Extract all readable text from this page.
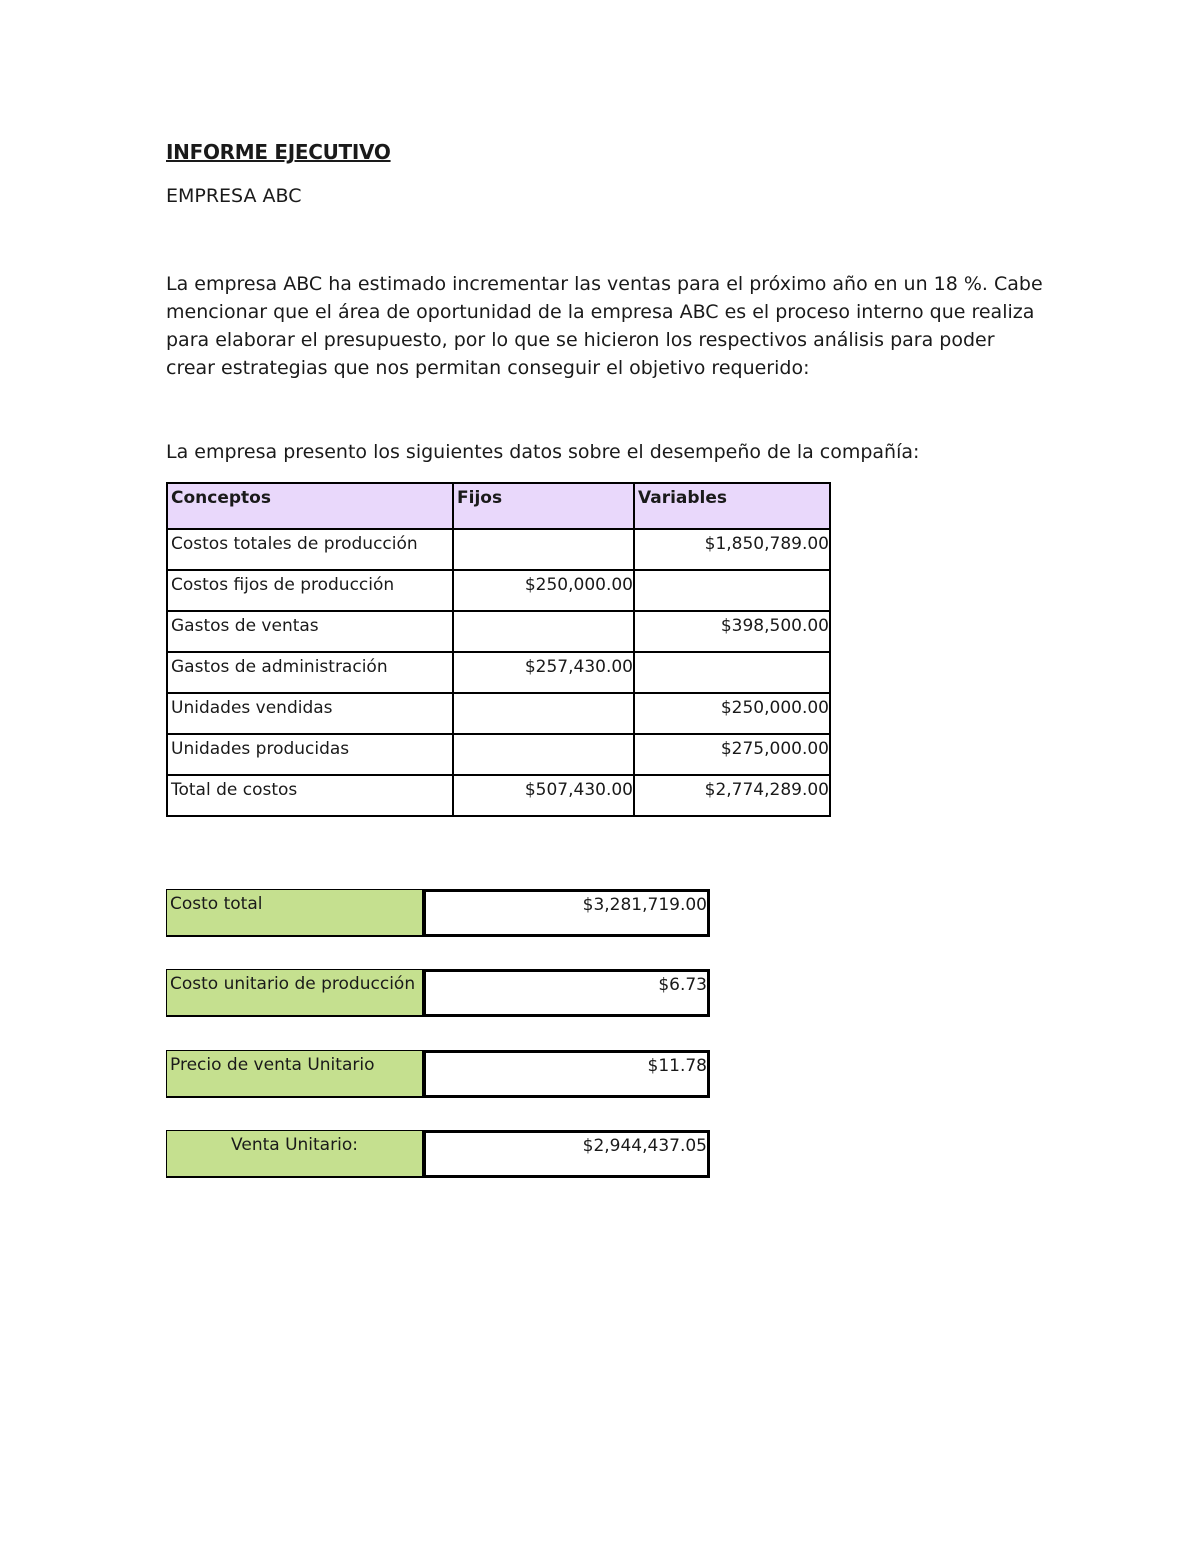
INFORME EJECUTIVO
EMPRESA ABC
La empresa ABC ha estimado incrementar las ventas para el próximo año en un 18 %. Cabe mencionar que el área de oportunidad de la empresa ABC es el proceso interno que realiza para elaborar el presupuesto, por lo que se hicieron los respectivos análisis para poder crear estrategias que nos permitan conseguir el objetivo requerido:
La empresa presento los siguientes datos sobre el desempeño de la compañía:
Conceptos	Fijos	Variables
Costos totales de producción		$1,850,789.00
Costos fijos de producción	$250,000.00	
Gastos de ventas		$398,500.00
Gastos de administración	$257,430.00	
Unidades vendidas		$250,000.00
Unidades producidas		$275,000.00
Total de costos	$507,430.00	$2,774,289.00
Costo total	$3,281,719.00
Costo unitario de producción	$6.73
Precio de venta Unitario	$11.78
Venta Unitario:	$2,944,437.05
